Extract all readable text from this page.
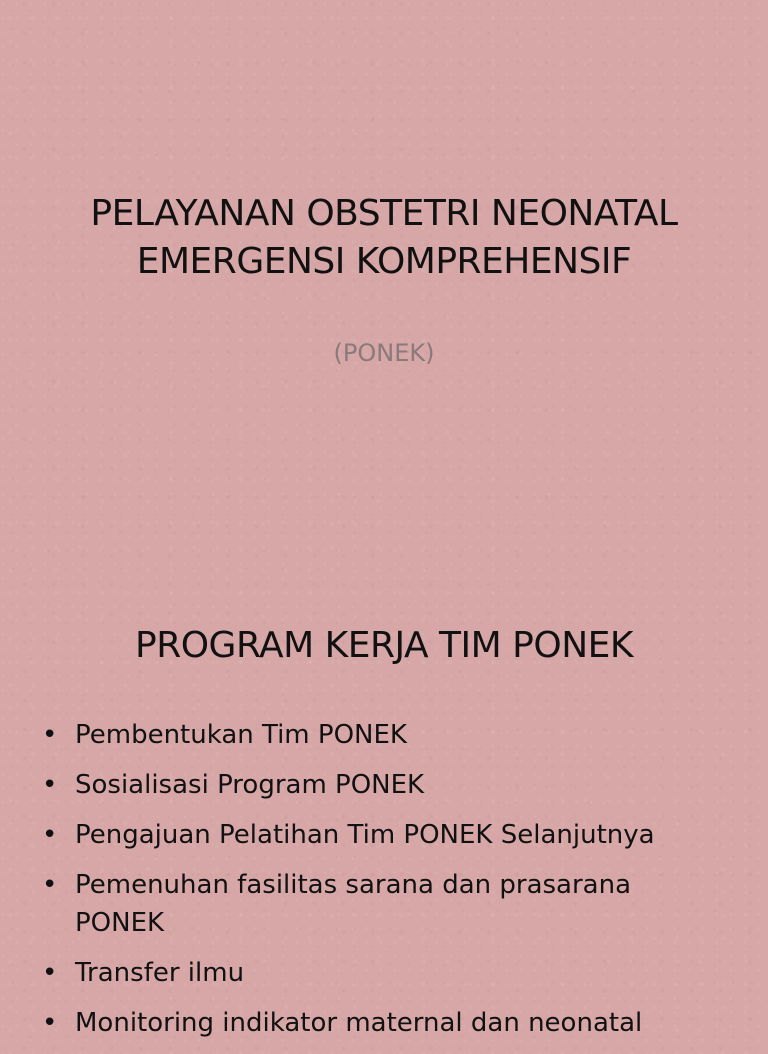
PELAYANAN OBSTETRI NEONATAL
EMERGENSI KOMPREHENSIF

(PONEK)

PROGRAM KERJA TIM PONEK
• Pembentukan Tim PONEK
• Sosialisasi Program PONEK
• Pengajuan Pelatihan Tim PONEK Selanjutnya
• Pemenuhan fasilitas sarana dan prasarana PONEK
• Transfer ilmu
• Monitoring indikator maternal dan neonatal
